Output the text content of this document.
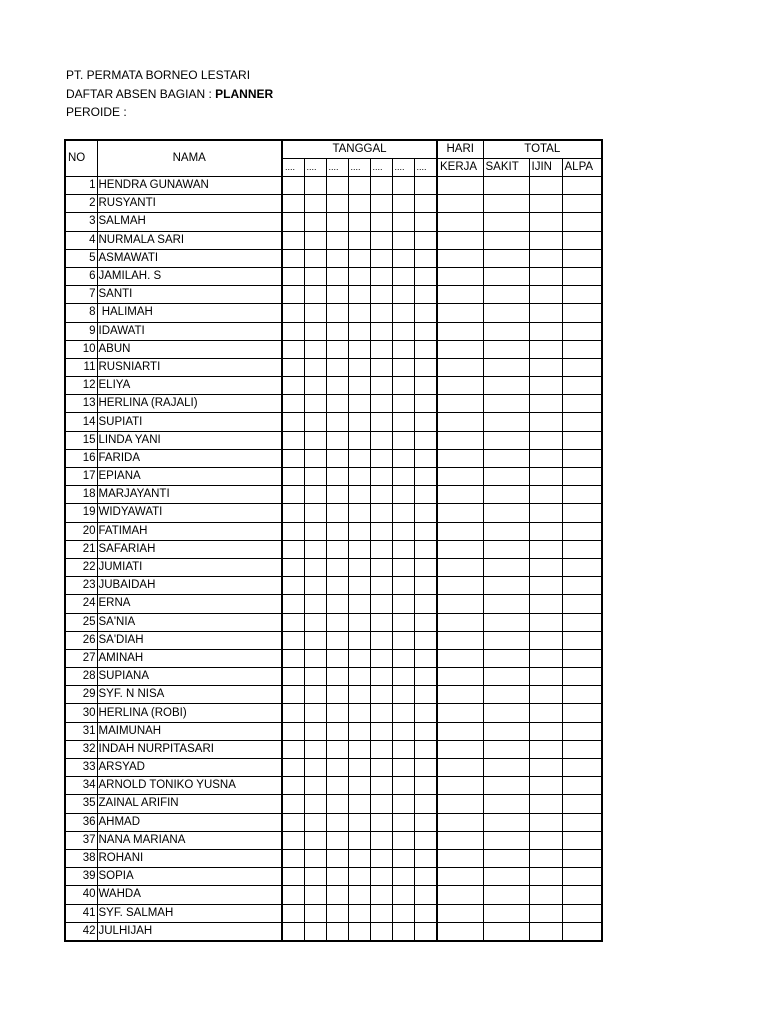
PT. PERMATA BORNEO LESTARI
DAFTAR ABSEN BAGIAN : PLANNER
PEROIDE :
NO	NAMA	TANGGAL							HARI	TOTAL		
		....	....	....	....	....	....	....	KERJA	SAKIT	IJIN	ALPA
1	HENDRA GUNAWAN											
2	RUSYANTI											
3	SALMAH											
4	NURMALA SARI											
5	ASMAWATI											
6	JAMILAH. S											
7	SANTI											
8	HALIMAH											
9	IDAWATI											
10	ABUN											
11	RUSNIARTI											
12	ELIYA											
13	HERLINA (RAJALI)											
14	SUPIATI											
15	LINDA YANI											
16	FARIDA											
17	EPIANA											
18	MARJAYANTI											
19	WIDYAWATI											
20	FATIMAH											
21	SAFARIAH											
22	JUMIATI											
23	JUBAIDAH											
24	ERNA											
25	SA'NIA											
26	SA'DIAH											
27	AMINAH											
28	SUPIANA											
29	SYF. N NISA											
30	HERLINA (ROBI)											
31	MAIMUNAH											
32	INDAH NURPITASARI											
33	ARSYAD											
34	ARNOLD TONIKO YUSNA											
35	ZAINAL ARIFIN											
36	AHMAD											
37	NANA MARIANA											
38	ROHANI											
39	SOPIA											
40	WAHDA											
41	SYF. SALMAH											
42	JULHIJAH											
